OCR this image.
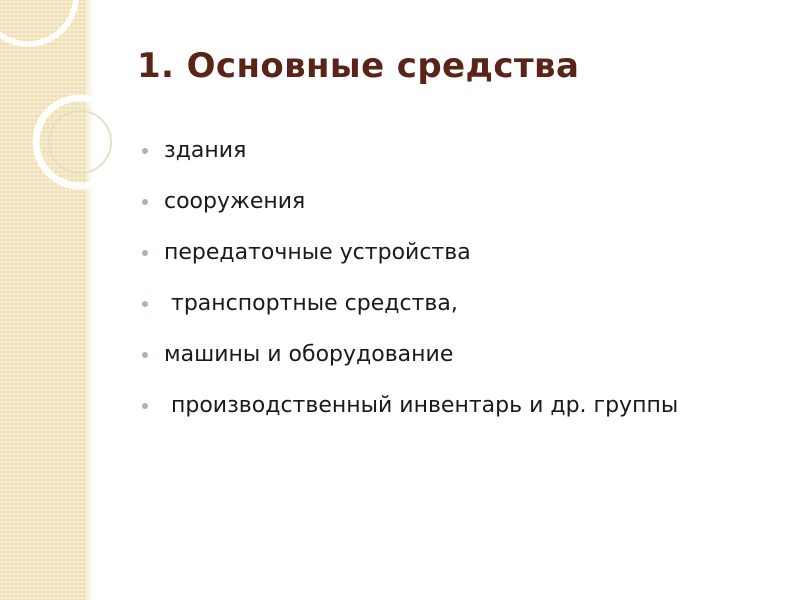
1. Основные средства
здания
сооружения
передаточные устройства
транспортные средства,
машины и оборудование
производственный инвентарь и др. группы
